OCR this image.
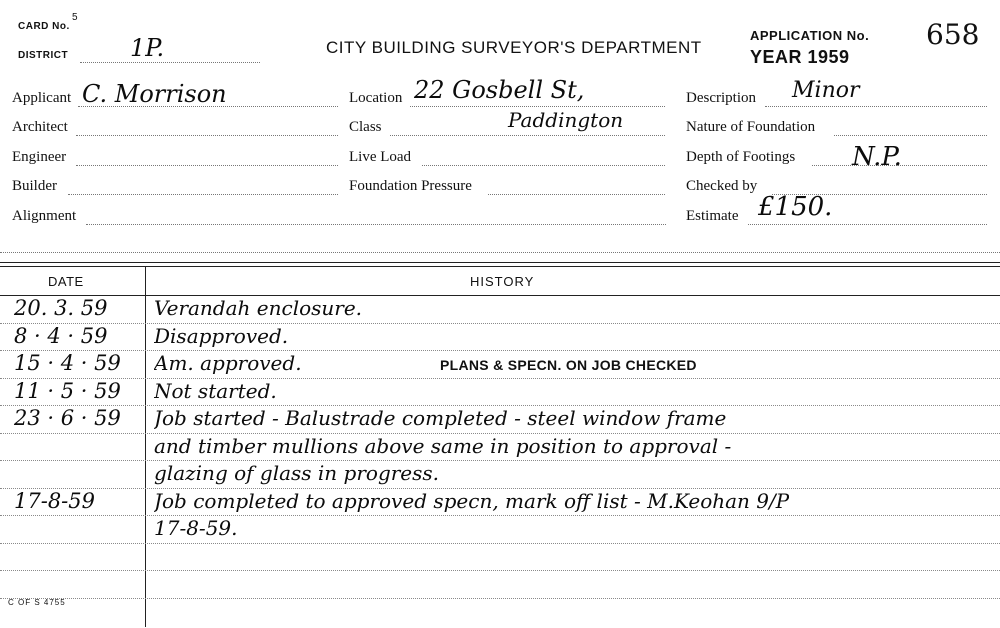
CARD No.
5
DISTRICT	1P.	CITY BUILDING SURVEYOR'S DEPARTMENT
APPLICATION No.
YEAR 1959
658
Applicant C. Morrison
Architect
Engineer
Builder
Alignment
Location 22 Gosbell St,
Class	Paddington
Live Load
Foundation Pressure
Description Minor
Nature of Foundation
Depth of Footings N.P.
Checked by
Estimate £150.
DATE	HISTORY
20. 3. 59	Verandah enclosure.
8 · 4 · 59	Disapproved.
15 · 4 · 59	Am. approved.	PLANS & SPECN. ON JOB CHECKED
11 · 5 · 59	Not started.
23 · 6 · 59	Job started - Balustrade completed - steel window frame
and timber mullions above same in position to approval -
glazing of glass in progress.
17-8-59	Job completed to approved specn, mark off list - M.Keohan 9/P
17-8-59.
C OF S 4755
